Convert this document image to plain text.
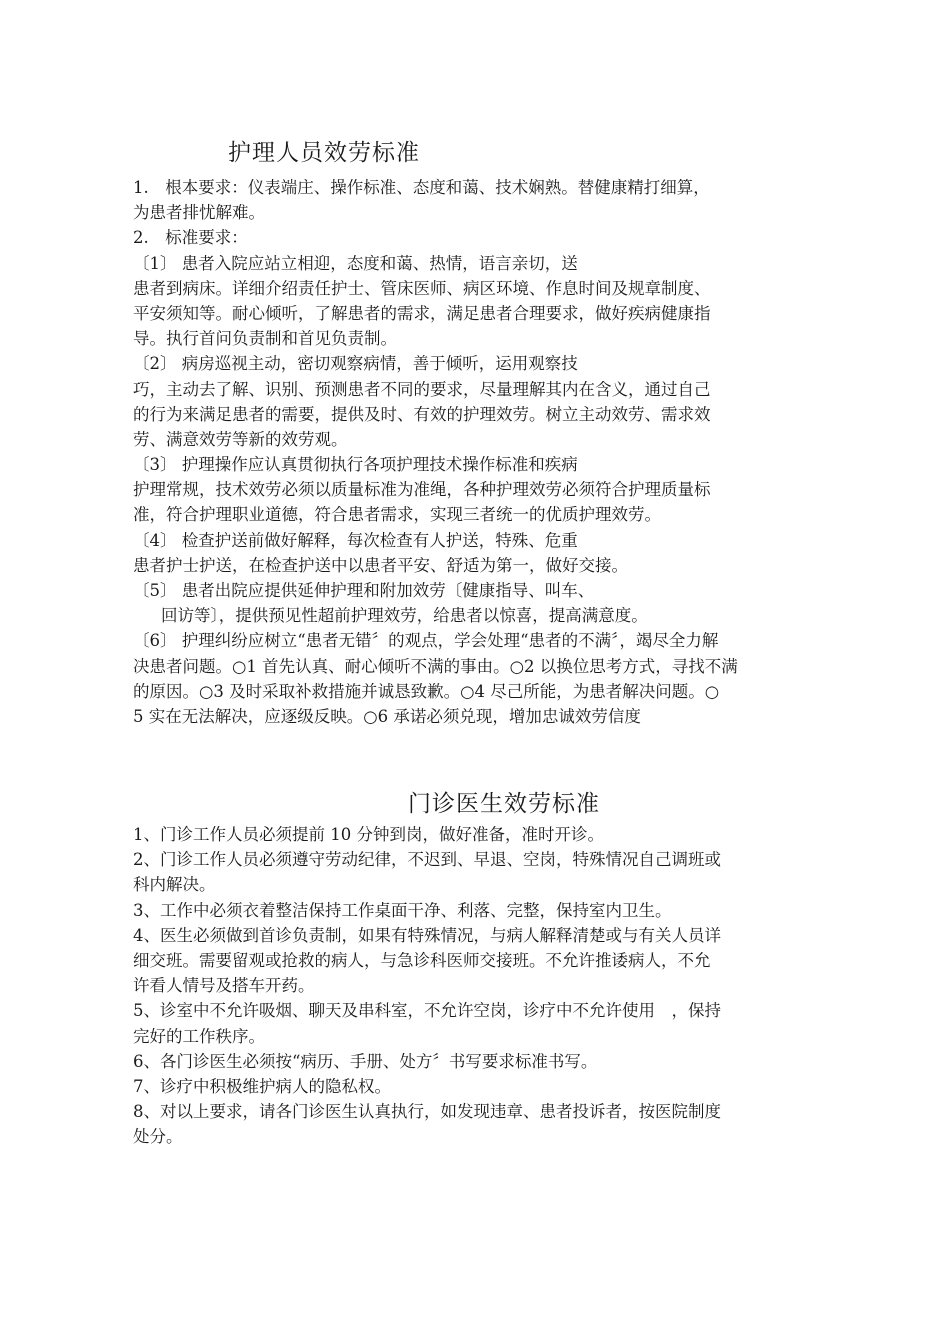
护理人员效劳标准
1.　根本要求：仪表端庄、操作标准、态度和蔼、技术娴熟。替健康精打细算，
为患者排忧解难。
2.　标准要求：
〔1〕 患者入院应站立相迎，态度和蔼、热情，语言亲切，送
患者到病床。详细介绍责任护士、管床医师、病区环境、作息时间及规章制度、
平安须知等。耐心倾听，了解患者的需求，满足患者合理要求，做好疾病健康指
导。执行首问负责制和首见负责制。
〔2〕 病房巡视主动，密切观察病情，善于倾听，运用观察技
巧，主动去了解、识别、预测患者不同的要求，尽量理解其内在含义，通过自己
的行为来满足患者的需要，提供及时、有效的护理效劳。树立主动效劳、需求效
劳、满意效劳等新的效劳观。
〔3〕 护理操作应认真贯彻执行各项护理技术操作标准和疾病
护理常规，技术效劳必须以质量标准为准绳，各种护理效劳必须符合护理质量标
准，符合护理职业道德，符合患者需求，实现三者统一的优质护理效劳。
〔4〕 检查护送前做好解释，每次检查有人护送，特殊、危重
患者护士护送，在检查护送中以患者平安、舒适为第一，做好交接。
〔5〕 患者出院应提供延伸护理和附加效劳〔健康指导、叫车、
回访等〕，提供预见性超前护理效劳，给患者以惊喜，提高满意度。
〔6〕 护理纠纷应树立“患者无错〞的观点，学会处理“患者的不满〞，竭尽全力解
决患者问题。○1 首先认真、耐心倾听不满的事由。○2 以换位思考方式，寻找不满
的原因。○3 及时采取补救措施并诚恳致歉。○4 尽己所能，为患者解决问题。○
5 实在无法解决，应逐级反映。○6 承诺必须兑现，增加忠诚效劳信度
门诊医生效劳标准
1、门诊工作人员必须提前 10 分钟到岗，做好准备，准时开诊。
2、门诊工作人员必须遵守劳动纪律，不迟到、早退、空岗，特殊情况自己调班或
科内解决。
3、工作中必须衣着整洁保持工作桌面干净、利落、完整，保持室内卫生。
4、医生必须做到首诊负责制，如果有特殊情况，与病人解释清楚或与有关人员详
细交班。需要留观或抢救的病人，与急诊科医师交接班。不允许推诿病人，不允
许看人情号及搭车开药。
5、诊室中不允许吸烟、聊天及串科室，不允许空岗，诊疗中不允许使用　，保持
完好的工作秩序。
6、各门诊医生必须按“病历、手册、处方〞书写要求标准书写。
7、诊疗中积极维护病人的隐私权。
8、对以上要求，请各门诊医生认真执行，如发现违章、患者投诉者，按医院制度
处分。
